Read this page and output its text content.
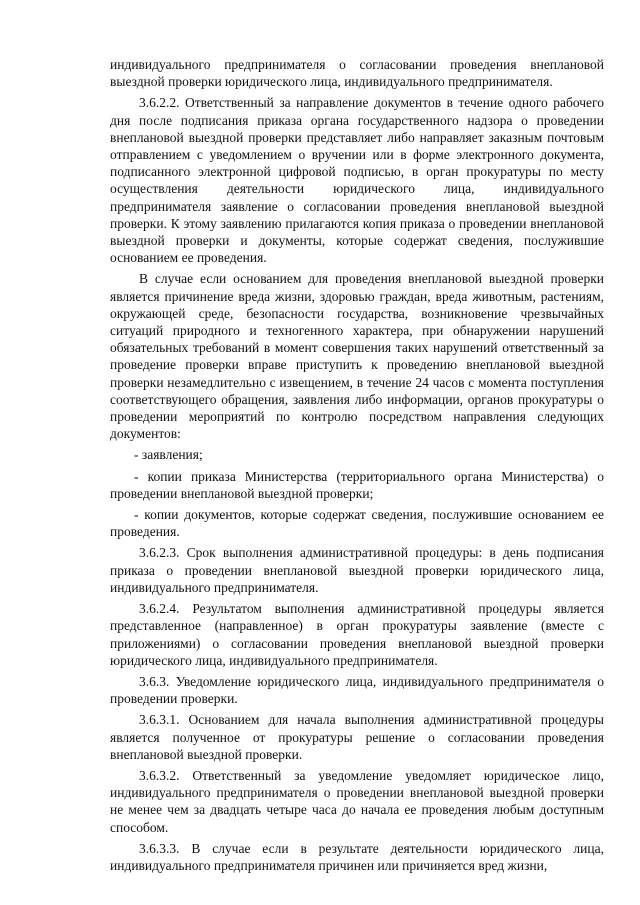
индивидуального предпринимателя о согласовании проведения внеплановой выездной проверки юридического лица, индивидуального предпринимателя.

3.6.2.2. Ответственный за направление документов в течение одного рабочего дня после подписания приказа органа государственного надзора о проведении внеплановой выездной проверки представляет либо направляет заказным почтовым отправлением с уведомлением о вручении или в форме электронного документа, подписанного электронной цифровой подписью, в орган прокуратуры по месту осуществления деятельности юридического лица, индивидуального предпринимателя заявление о согласовании проведения внеплановой выездной проверки. К этому заявлению прилагаются копия приказа о проведении внеплановой выездной проверки и документы, которые содержат сведения, послужившие основанием ее проведения.

В случае если основанием для проведения внеплановой выездной проверки является причинение вреда жизни, здоровью граждан, вреда животным, растениям, окружающей среде, безопасности государства, возникновение чрезвычайных ситуаций природного и техногенного характера, при обнаружении нарушений обязательных требований в момент совершения таких нарушений ответственный за проведение проверки вправе приступить к проведению внеплановой выездной проверки незамедлительно с извещением, в течение 24 часов с момента поступления соответствующего обращения, заявления либо информации, органов прокуратуры о проведении мероприятий по контролю посредством направления следующих документов:

- заявления;

- копии приказа Министерства (территориального органа Министерства) о проведении внеплановой выездной проверки;

- копии документов, которые содержат сведения, послужившие основанием ее проведения.

3.6.2.3. Срок выполнения административной процедуры: в день подписания приказа о проведении внеплановой выездной проверки юридического лица, индивидуального предпринимателя.

3.6.2.4. Результатом выполнения административной процедуры является представленное (направленное) в орган прокуратуры заявление (вместе с приложениями) о согласовании проведения внеплановой выездной проверки юридического лица, индивидуального предпринимателя.

3.6.3. Уведомление юридического лица, индивидуального предпринимателя о проведении проверки.

3.6.3.1. Основанием для начала выполнения административной процедуры является полученное от прокуратуры решение о согласовании проведения внеплановой выездной проверки.

3.6.3.2. Ответственный за уведомление уведомляет юридическое лицо, индивидуального предпринимателя о проведении внеплановой выездной проверки не менее чем за двадцать четыре часа до начала ее проведения любым доступным способом.

3.6.3.3. В случае если в результате деятельности юридического лица, индивидуального предпринимателя причинен или причиняется вред жизни,
